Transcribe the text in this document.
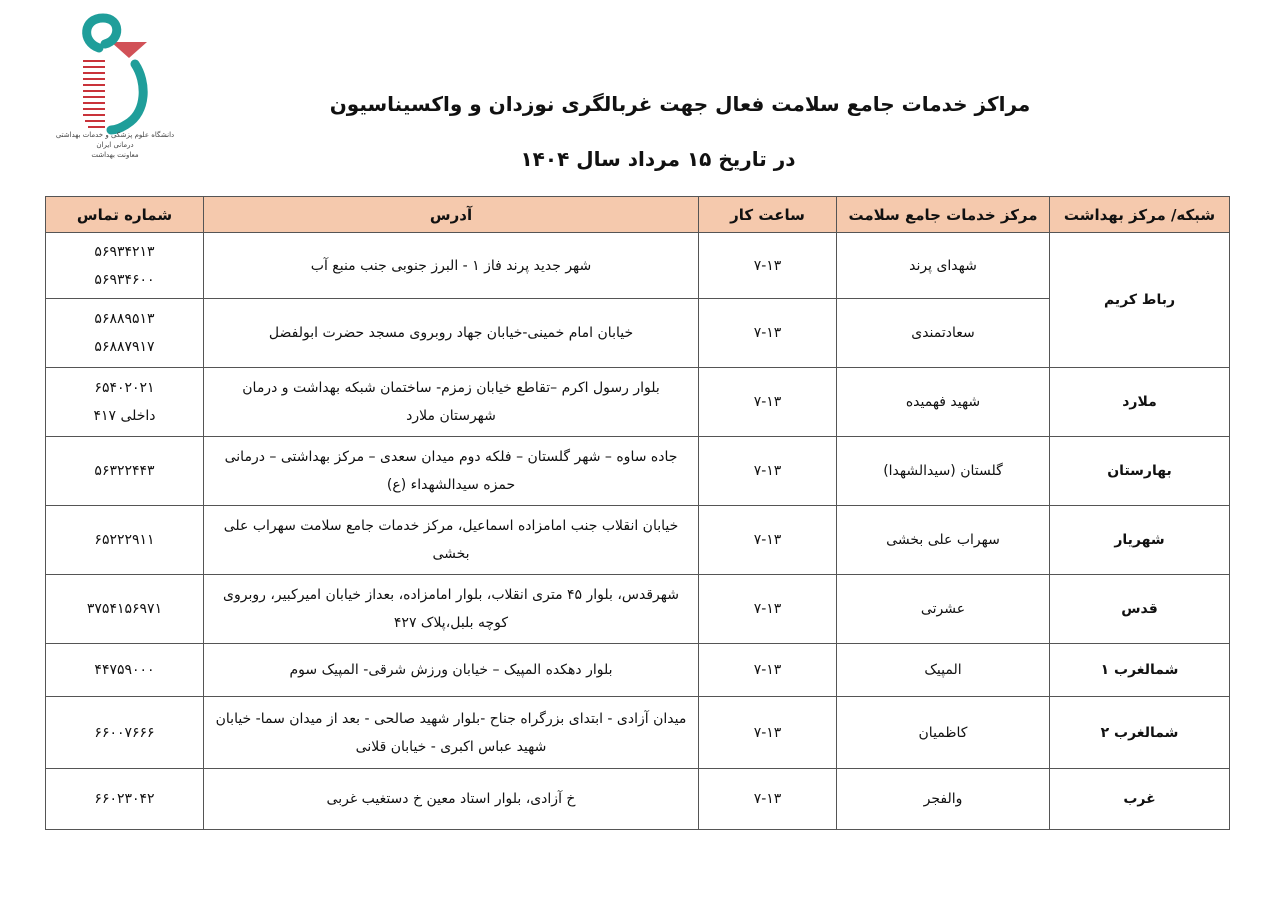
دانشگاه علوم پزشکی و خدمات بهداشتی درمانی ایران
معاونت بهداشت
مراکز خدمات جامع سلامت فعال جهت غربالگری نوزدان و واکسیناسیون
در تاریخ ۱۵ مرداد سال ۱۴۰۴
شبکه/ مرکز بهداشت	مرکز خدمات جامع سلامت	ساعت کار	آدرس	شماره تماس
رباط کریم	شهدای پرند	۷-۱۳	شهر جدید پرند فاز ۱ - البرز جنوبی جنب منبع آب	۵۶۹۳۴۲۱۳
۵۶۹۳۴۶۰۰

	سعادتمندی	۷-۱۳	خیابان امام خمینی-خیابان جهاد روبروی مسجد حضرت ابولفضل	۵۶۸۸۹۵۱۳
۵۶۸۸۷۹۱۷

ملارد	شهید فهمیده	۷-۱۳	بلوار رسول اکرم –تقاطع خیابان زمزم- ساختمان شبکه بهداشت و درمان شهرستان ملارد	۶۵۴۰۲۰۲۱
داخلی ۴۱۷

بهارستان	گلستان (سیدالشهدا)	۷-۱۳	جاده ساوه – شهر گلستان – فلکه دوم میدان سعدی – مرکز بهداشتی – درمانی حمزه سیدالشهداء (ع)	۵۶۳۲۲۴۴۳
شهریار	سهراب علی بخشی	۷-۱۳	خیابان انقلاب جنب امامزاده اسماعیل، مرکز خدمات جامع سلامت سهراب علی بخشی	۶۵۲۲۲۹۱۱
قدس	عشرتی	۷-۱۳	شهرقدس، بلوار ۴۵ متری انقلاب، بلوار امامزاده، بعداز خیابان امیرکبیر، روبروی کوچه بلبل،پلاک ۴۲۷	۳۷۵۴۱۵۶۹۷۱
شمالغرب ۱	المپیک	۷-۱۳	بلوار دهکده المپیک – خیابان ورزش شرقی- المپیک سوم	۴۴۷۵۹۰۰۰
شمالغرب ۲	کاظمیان	۷-۱۳	میدان آزادی - ابتدای بزرگراه جناح -بلوار شهید صالحی - بعد از میدان سما- خیابان شهید عباس اکبری - خیابان قلانی	۶۶۰۰۷۶۶۶
غرب	والفجر	۷-۱۳	خ آزادی، بلوار استاد معین خ دستغیب غربی	۶۶۰۲۳۰۴۲
